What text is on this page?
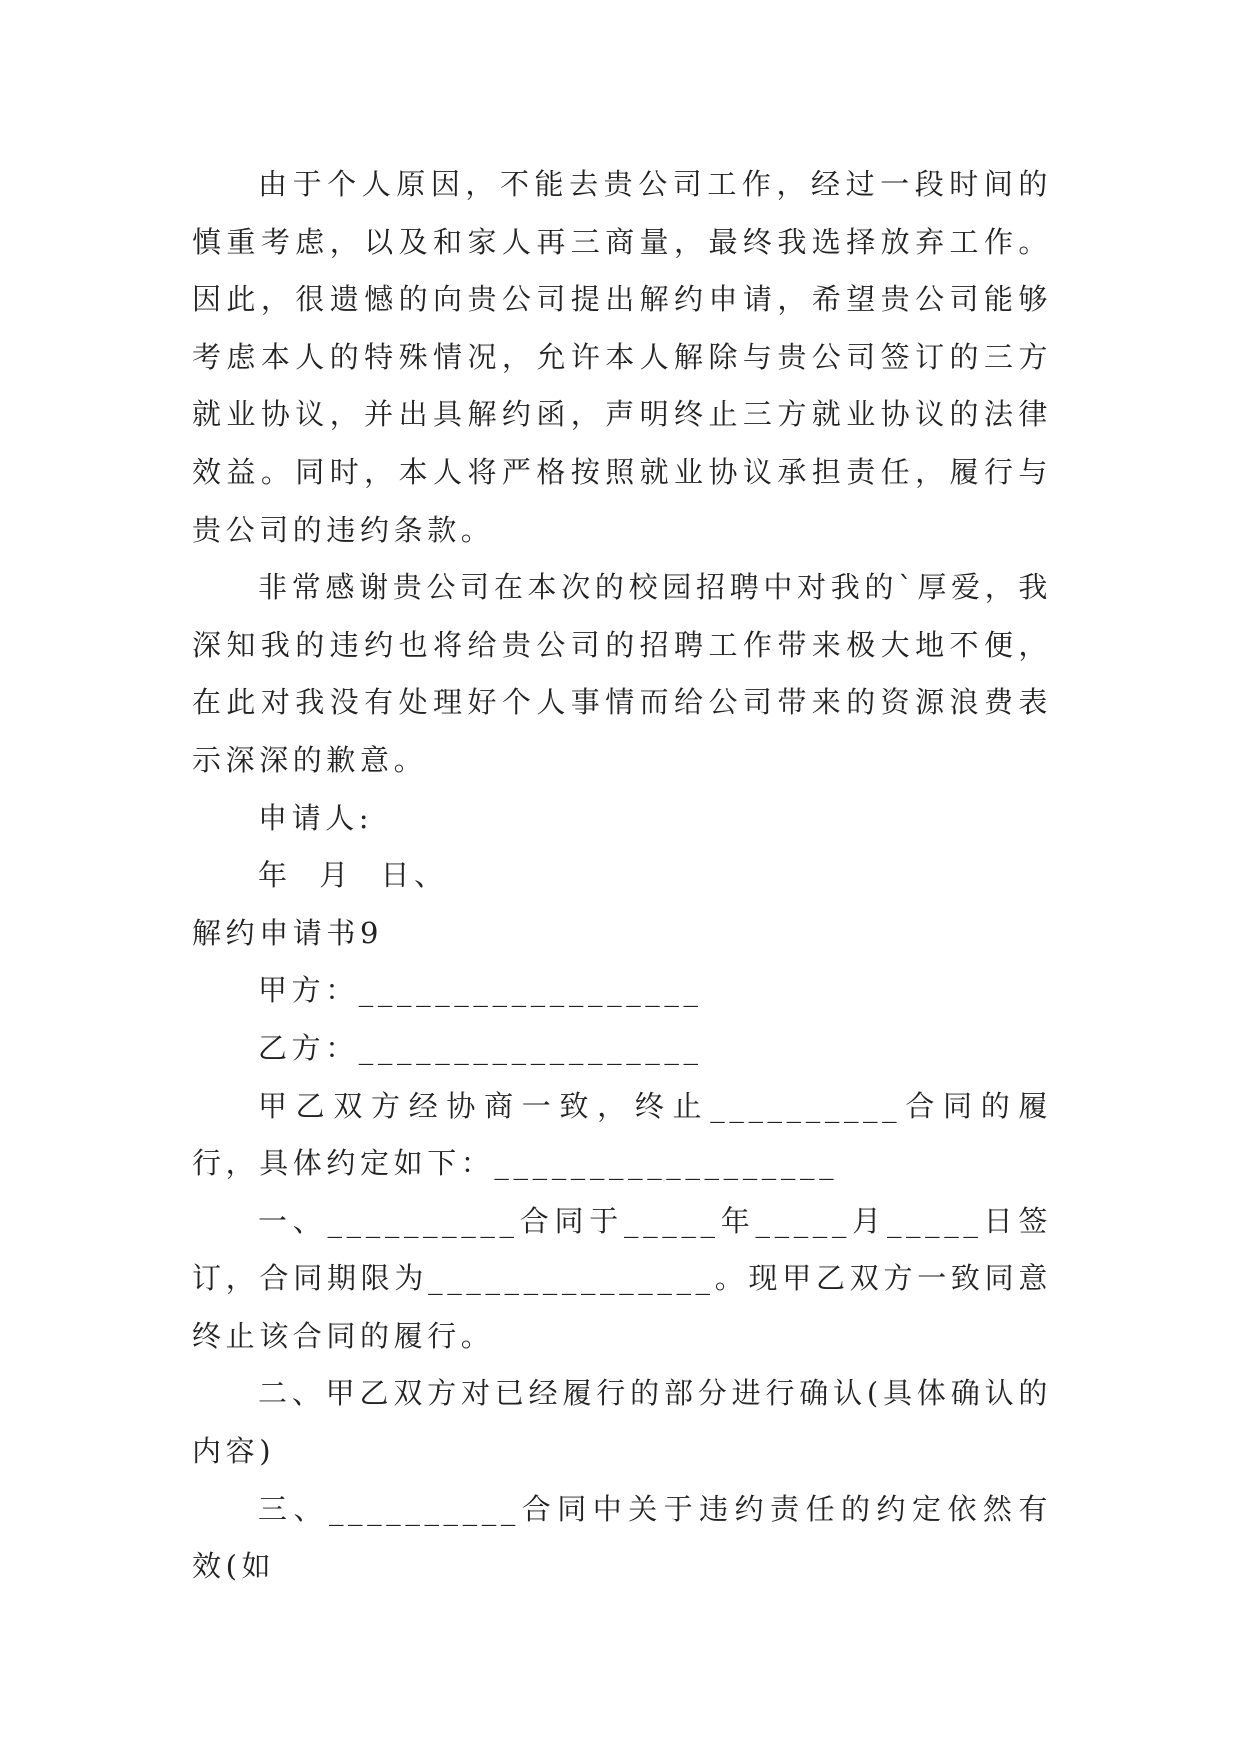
由于个人原因，不能去贵公司工作，经过一段时间的慎重考虑，以及和家人再三商量，最终我选择放弃工作。因此，很遗憾的向贵公司提出解约申请，希望贵公司能够考虑本人的特殊情况，允许本人解除与贵公司签订的三方就业协议，并出具解约函，声明终止三方就业协议的法律效益。同时，本人将严格按照就业协议承担责任，履行与贵公司的违约条款。

非常感谢贵公司在本次的校园招聘中对我的`厚爱，我深知我的违约也将给贵公司的招聘工作带来极大地不便，在此对我没有处理好个人事情而给公司带来的资源浪费表示深深的歉意。

申请人:

年  月  日、

解约申请书9

甲方：__________________

乙方：__________________

甲乙双方经协商一致，终止__________合同的履行，具体约定如下：__________________

一、__________合同于_____年_____月_____日签订，合同期限为_______________。现甲乙双方一致同意终止该合同的履行。

二、甲乙双方对已经履行的部分进行确认(具体确认的内容)

三、__________合同中关于违约责任的约定依然有效(如
